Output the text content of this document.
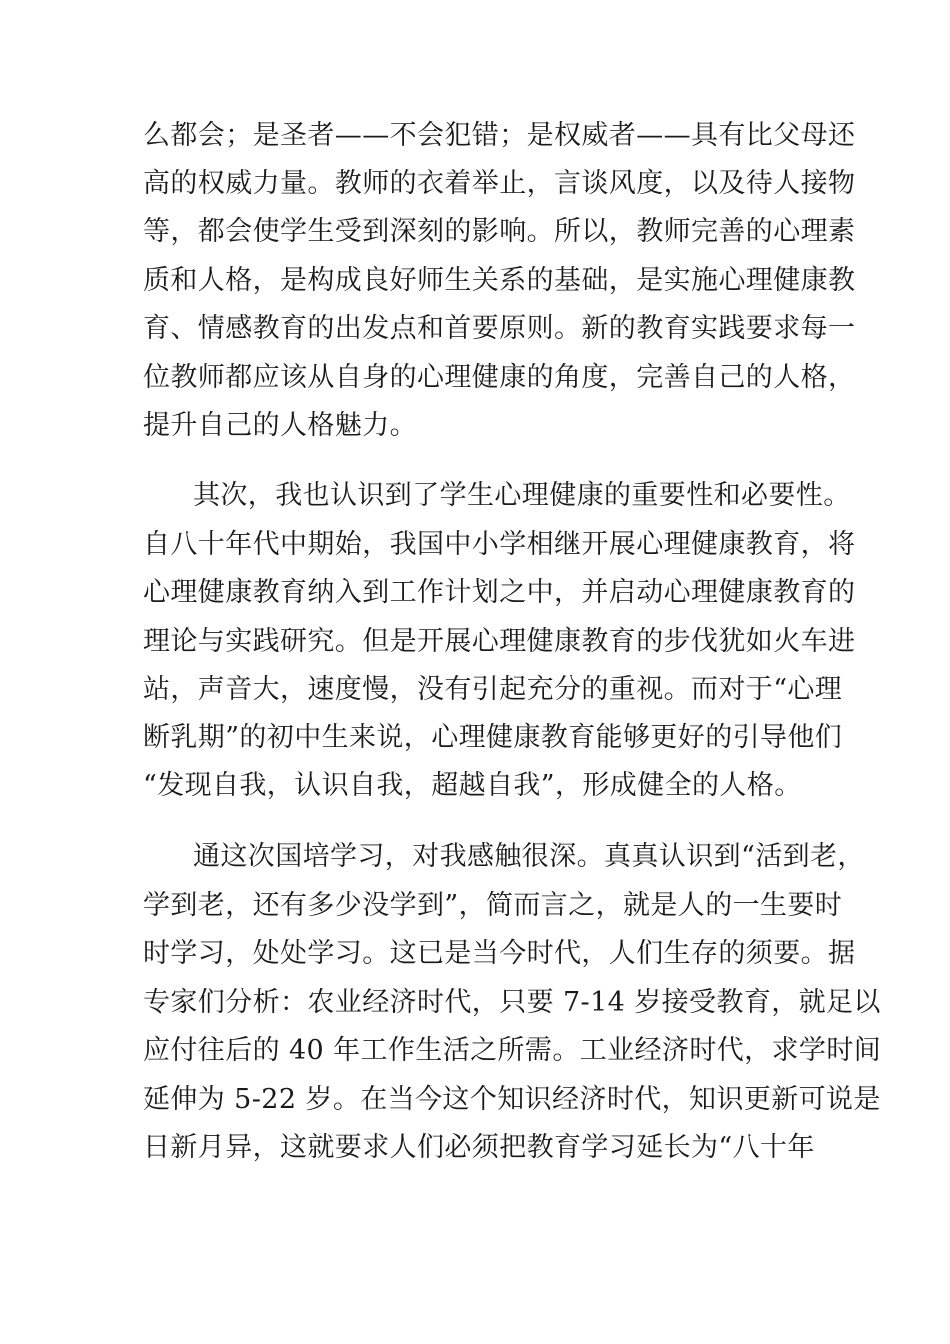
么都会；是圣者——不会犯错；是权威者——具有比父母还
高的权威力量。教师的衣着举止，言谈风度，以及待人接物
等，都会使学生受到深刻的影响。所以，教师完善的心理素
质和人格，是构成良好师生关系的基础，是实施心理健康教
育、情感教育的出发点和首要原则。新的教育实践要求每一
位教师都应该从自身的心理健康的角度，完善自己的人格，
提升自己的人格魅力。
其次，我也认识到了学生心理健康的重要性和必要性。
自八十年代中期始，我国中小学相继开展心理健康教育，将
心理健康教育纳入到工作计划之中，并启动心理健康教育的
理论与实践研究。但是开展心理健康教育的步伐犹如火车进
站，声音大，速度慢，没有引起充分的重视。而对于“心理
断乳期”的初中生来说，心理健康教育能够更好的引导他们
“发现自我，认识自我，超越自我”，形成健全的人格。
通这次国培学习，对我感触很深。真真认识到“活到老，
学到老，还有多少没学到”，简而言之，就是人的一生要时
时学习，处处学习。这已是当今时代，人们生存的须要。据
专家们分析：农业经济时代，只要 7-14 岁接受教育，就足以
应付往后的 40 年工作生活之所需。工业经济时代，求学时间
延伸为 5-22 岁。在当今这个知识经济时代，知识更新可说是
日新月异，这就要求人们必须把教育学习延长为“八十年
